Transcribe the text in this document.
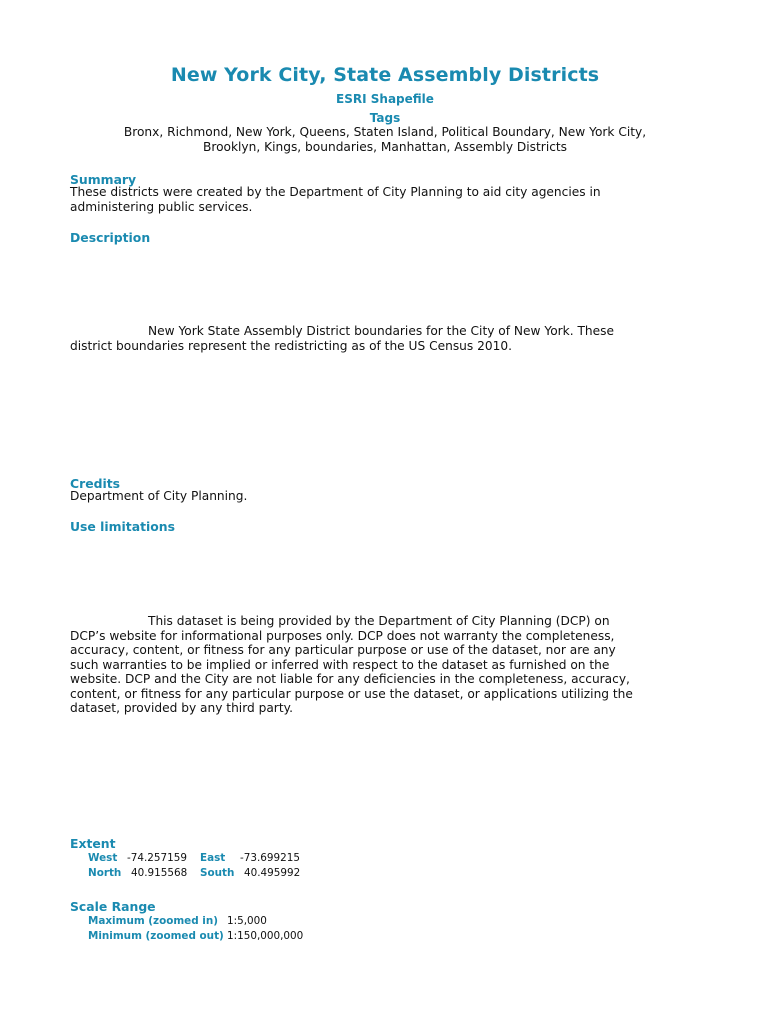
New York City, State Assembly Districts
ESRI Shapefile
Tags
Bronx, Richmond, New York, Queens, Staten Island, Political Boundary, New York City,
Brooklyn, Kings, boundaries, Manhattan, Assembly Districts
Summary
These districts were created by the Department of City Planning to aid city agencies in
administering public services.
Description
New York State Assembly District boundaries for the City of New York. These
district boundaries represent the redistricting as of the US Census 2010.
Credits
Department of City Planning.
Use limitations
This dataset is being provided by the Department of City Planning (DCP) on
DCP’s website for informational purposes only. DCP does not warranty the completeness,
accuracy, content, or fitness for any particular purpose or use of the dataset, nor are any
such warranties to be implied or inferred with respect to the dataset as furnished on the
website. DCP and the City are not liable for any deficiencies in the completeness, accuracy,
content, or fitness for any particular purpose or use the dataset, or applications utilizing the
dataset, provided by any third party.
Extent
West -74.257159 East -73.699215
North 40.915568 South 40.495992
Scale Range
Maximum (zoomed in) 1:5,000
Minimum (zoomed out) 1:150,000,000
